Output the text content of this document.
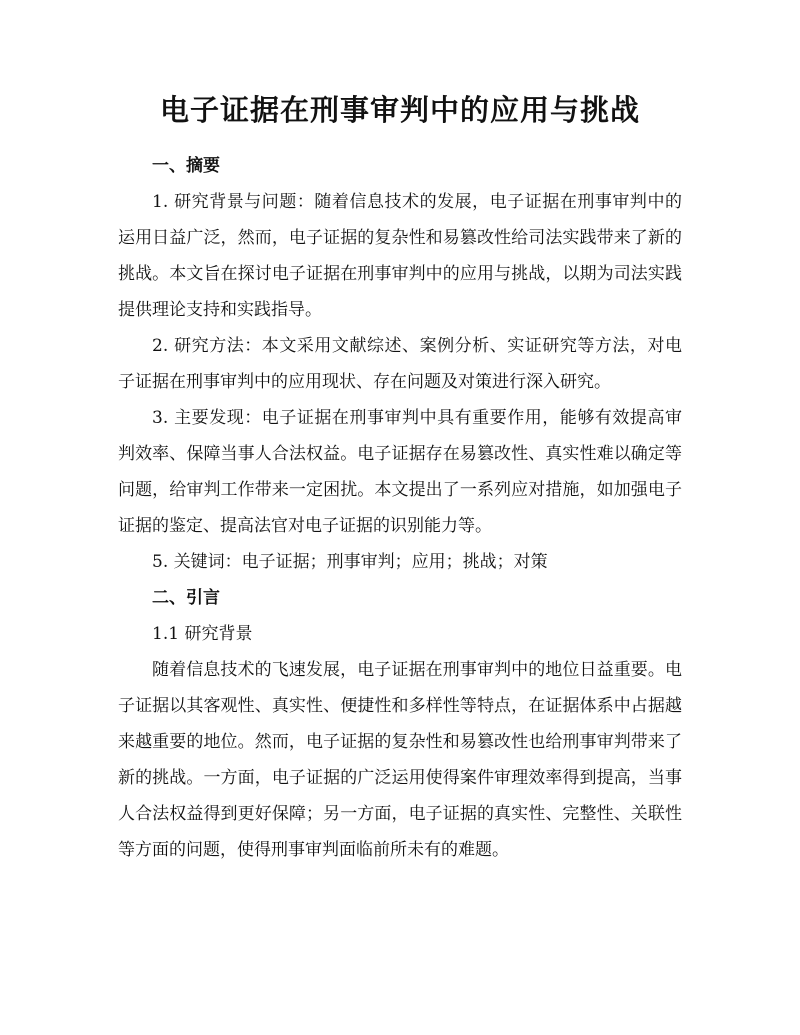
电子证据在刑事审判中的应用与挑战

一、摘要

1. 研究背景与问题：随着信息技术的发展，电子证据在刑事审判中的运用日益广泛，然而，电子证据的复杂性和易篡改性给司法实践带来了新的挑战。本文旨在探讨电子证据在刑事审判中的应用与挑战，以期为司法实践提供理论支持和实践指导。

2. 研究方法：本文采用文献综述、案例分析、实证研究等方法，对电子证据在刑事审判中的应用现状、存在问题及对策进行深入研究。

3. 主要发现：电子证据在刑事审判中具有重要作用，能够有效提高审判效率、保障当事人合法权益。电子证据存在易篡改性、真实性难以确定等问题，给审判工作带来一定困扰。本文提出了一系列应对措施，如加强电子证据的鉴定、提高法官对电子证据的识别能力等。

5. 关键词：电子证据；刑事审判；应用；挑战；对策

二、引言

1.1 研究背景

随着信息技术的飞速发展，电子证据在刑事审判中的地位日益重要。电子证据以其客观性、真实性、便捷性和多样性等特点，在证据体系中占据越来越重要的地位。然而，电子证据的复杂性和易篡改性也给刑事审判带来了新的挑战。一方面，电子证据的广泛运用使得案件审理效率得到提高，当事人合法权益得到更好保障；另一方面，电子证据的真实性、完整性、关联性等方面的问题，使得刑事审判面临前所未有的难题。
